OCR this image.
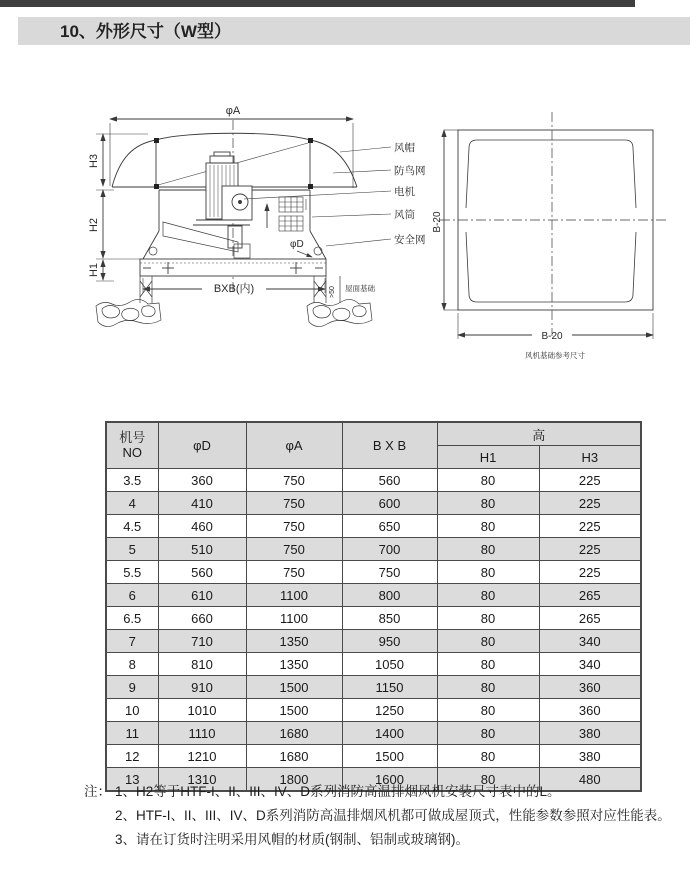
10、外形尺寸（W型）
φA
H3
H2
H1
BXB(内)
φD
>50 屋面基础
风帽
防鸟网
电机
风筒
安全网
B-20
B-20
风机基础参考尺寸
机号
NO	φD	φA	B X B	高	
				H1	H3
3.5	360	750	560	80	225
4	410	750	600	80	225
4.5	460	750	650	80	225
5	510	750	700	80	225
5.5	560	750	750	80	225
6	610	1100	800	80	265
6.5	660	1100	850	80	265
7	710	1350	950	80	340
8	810	1350	1050	80	340
9	910	1500	1150	80	360
10	1010	1500	1250	80	360
11	1110	1680	1400	80	380
12	1210	1680	1500	80	380
13	1310	1800	1600	80	480
注： 1、H2等于HTF-I、II、III、IV、D系列消防高温排烟风机安装尺寸表中的L。
2、HTF-I、II、III、IV、D系列消防高温排烟风机都可做成屋顶式，性能参数参照对应性能表。
3、请在订货时注明采用风帽的材质(钢制、铝制或玻璃钢)。
